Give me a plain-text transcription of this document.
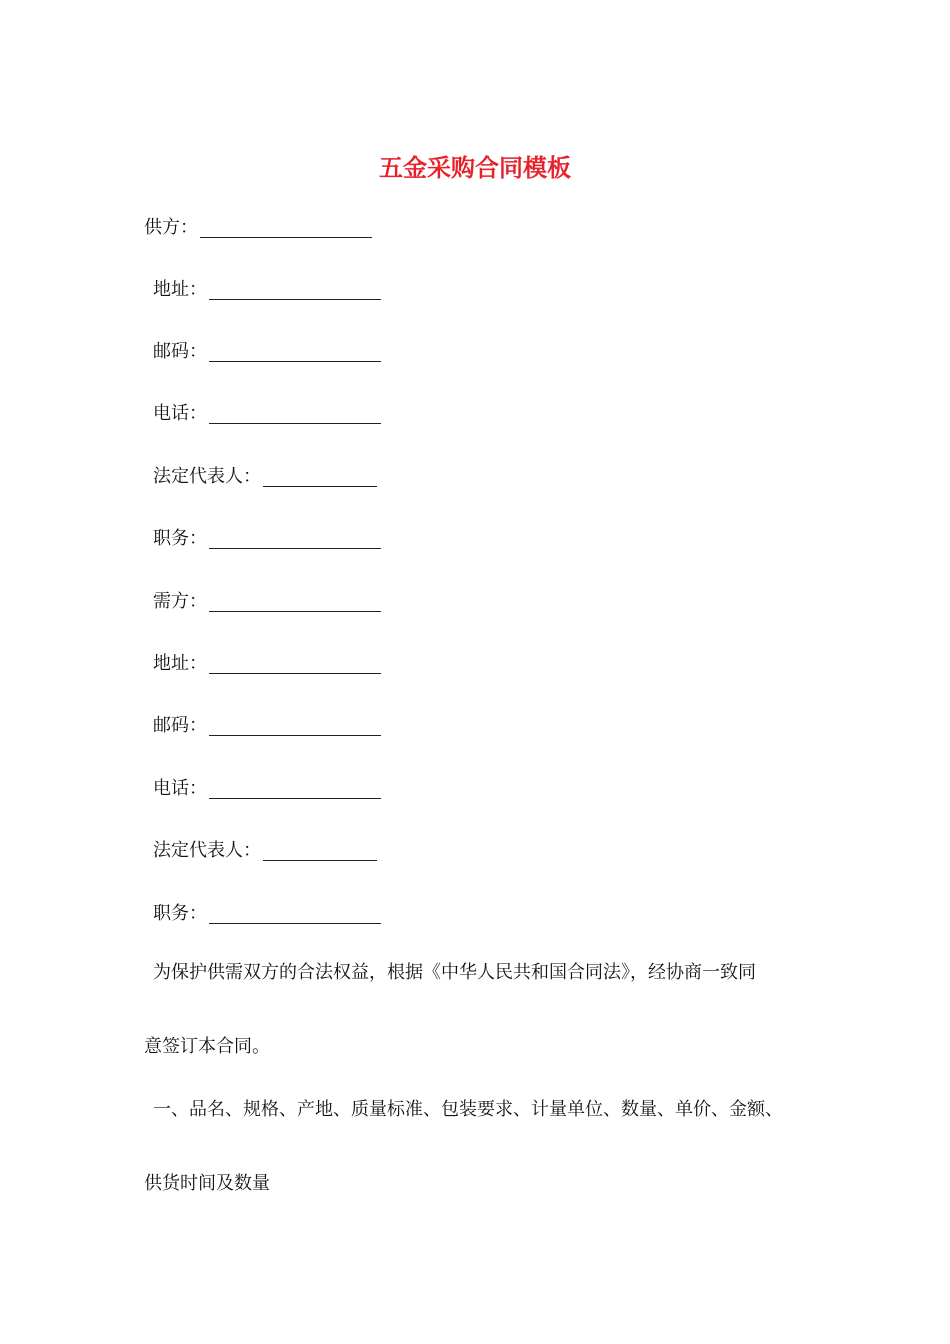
五金采购合同模板
供方：
地址：
邮码：
电话：
法定代表人：
职务：
需方：
地址：
邮码：
电话：
法定代表人：
职务：
为保护供需双方的合法权益，根据《中华人民共和国合同法》，经协商一致同
意签订本合同。
一、品名、规格、产地、质量标准、包装要求、计量单位、数量、单价、金额、
供货时间及数量
